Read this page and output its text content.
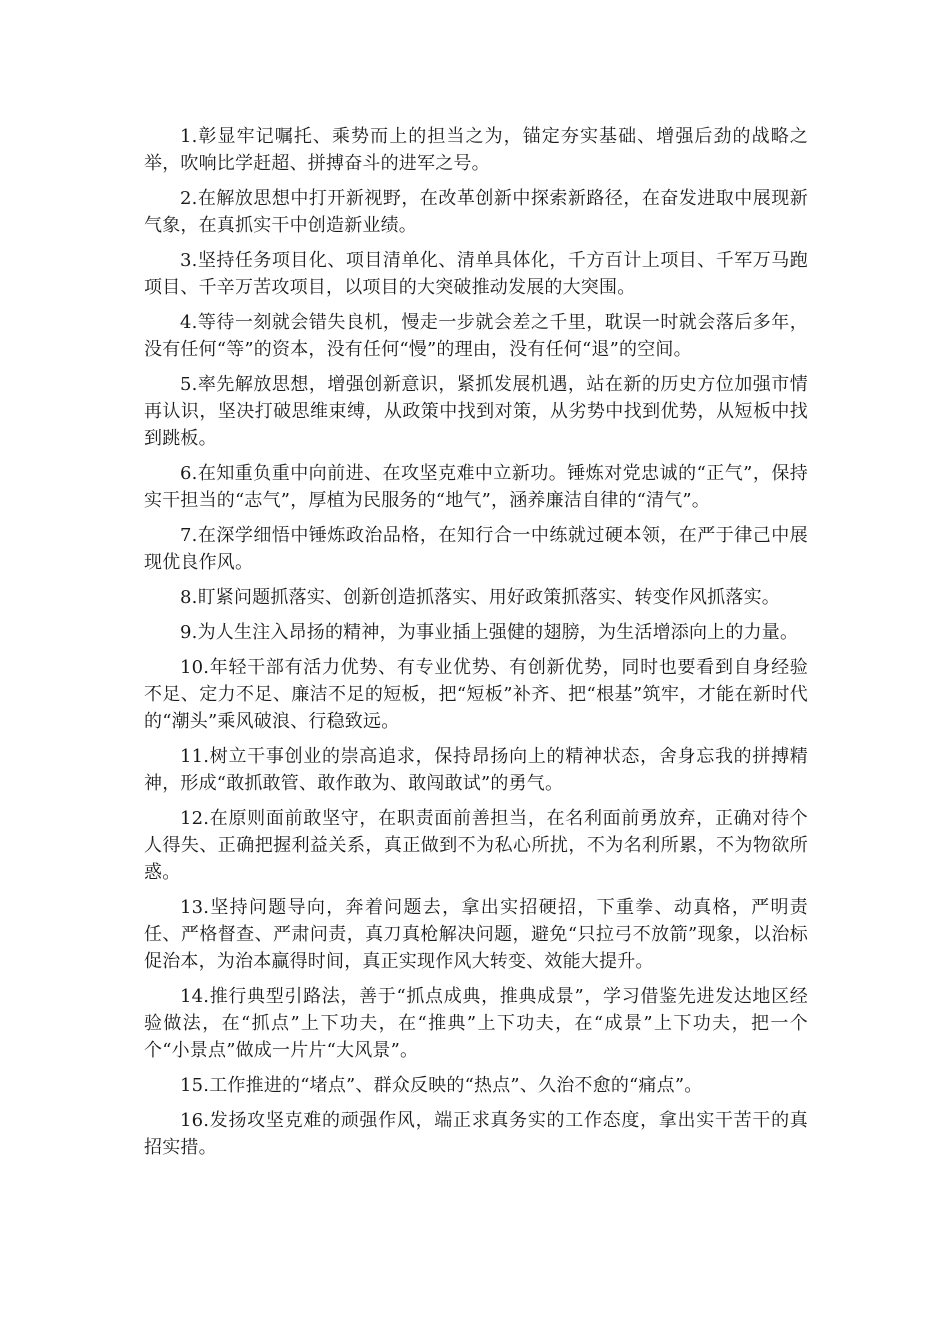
1.彰显牢记嘱托、乘势而上的担当之为，锚定夯实基础、增强后劲的战略之举，吹响比学赶超、拼搏奋斗的进军之号。

2.在解放思想中打开新视野，在改革创新中探索新路径，在奋发进取中展现新气象，在真抓实干中创造新业绩。

3.坚持任务项目化、项目清单化、清单具体化，千方百计上项目、千军万马跑项目、千辛万苦攻项目，以项目的大突破推动发展的大突围。

4.等待一刻就会错失良机，慢走一步就会差之千里，耽误一时就会落后多年，没有任何“等”的资本，没有任何“慢”的理由，没有任何“退”的空间。

5.率先解放思想，增强创新意识，紧抓发展机遇，站在新的历史方位加强市情再认识，坚决打破思维束缚，从政策中找到对策，从劣势中找到优势，从短板中找到跳板。

6.在知重负重中向前进、在攻坚克难中立新功。锤炼对党忠诚的“正气”，保持实干担当的“志气”，厚植为民服务的“地气”，涵养廉洁自律的“清气”。

7.在深学细悟中锤炼政治品格，在知行合一中练就过硬本领，在严于律己中展现优良作风。

8.盯紧问题抓落实、创新创造抓落实、用好政策抓落实、转变作风抓落实。

9.为人生注入昂扬的精神，为事业插上强健的翅膀，为生活增添向上的力量。

10.年轻干部有活力优势、有专业优势、有创新优势，同时也要看到自身经验不足、定力不足、廉洁不足的短板，把“短板”补齐、把“根基”筑牢，才能在新时代的“潮头”乘风破浪、行稳致远。

11.树立干事创业的崇高追求，保持昂扬向上的精神状态，舍身忘我的拼搏精神，形成“敢抓敢管、敢作敢为、敢闯敢试”的勇气。

12.在原则面前敢坚守，在职责面前善担当，在名利面前勇放弃，正确对待个人得失、正确把握利益关系，真正做到不为私心所扰，不为名利所累，不为物欲所惑。

13.坚持问题导向，奔着问题去，拿出实招硬招，下重拳、动真格，严明责任、严格督查、严肃问责，真刀真枪解决问题，避免“只拉弓不放箭”现象，以治标促治本，为治本赢得时间，真正实现作风大转变、效能大提升。

14.推行典型引路法，善于“抓点成典，推典成景”，学习借鉴先进发达地区经验做法，在“抓点”上下功夫，在“推典”上下功夫，在“成景”上下功夫，把一个个“小景点”做成一片片“大风景”。

15.工作推进的“堵点”、群众反映的“热点”、久治不愈的“痛点”。

16.发扬攻坚克难的顽强作风，端正求真务实的工作态度，拿出实干苦干的真招实措。
